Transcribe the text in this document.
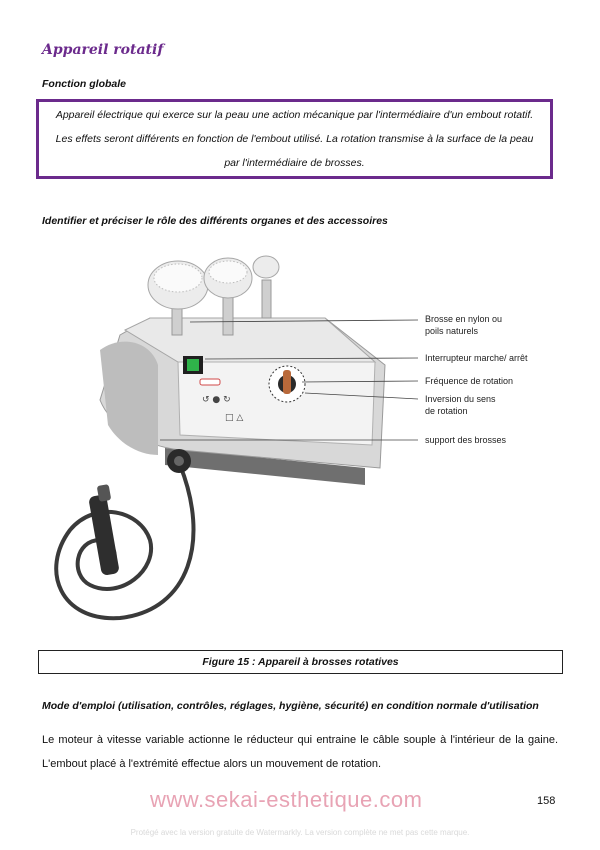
Appareil rotatif
Fonction globale

Appareil électrique qui exerce sur la peau une action mécanique par l'intermédiaire d'un embout rotatif. Les effets seront différents en fonction de l'embout utilisé. La rotation transmise à la surface de la peau par l'intermédiaire de brosses.

Identifier et préciser le rôle des différents organes et des accessoires
↺ ● ↻
□ △
Brosse en nylon ou
poils naturels
Interrupteur marche/ arrêt
Fréquence de rotation
Inversion du sens
de rotation
support des brosses
Figure 15 : Appareil à brosses rotatives
Mode d'emploi (utilisation, contrôles, réglages, hygiène, sécurité) en condition normale d'utilisation
Le moteur à vitesse variable actionne le réducteur qui entraine le câble souple à l'intérieur de la gaine. L'embout placé à l'extrémité effectue alors un mouvement de rotation.
www.sekai-esthetique.com	158
Protégé avec la version gratuite de Watermarkly. La version complète ne met pas cette marque.
